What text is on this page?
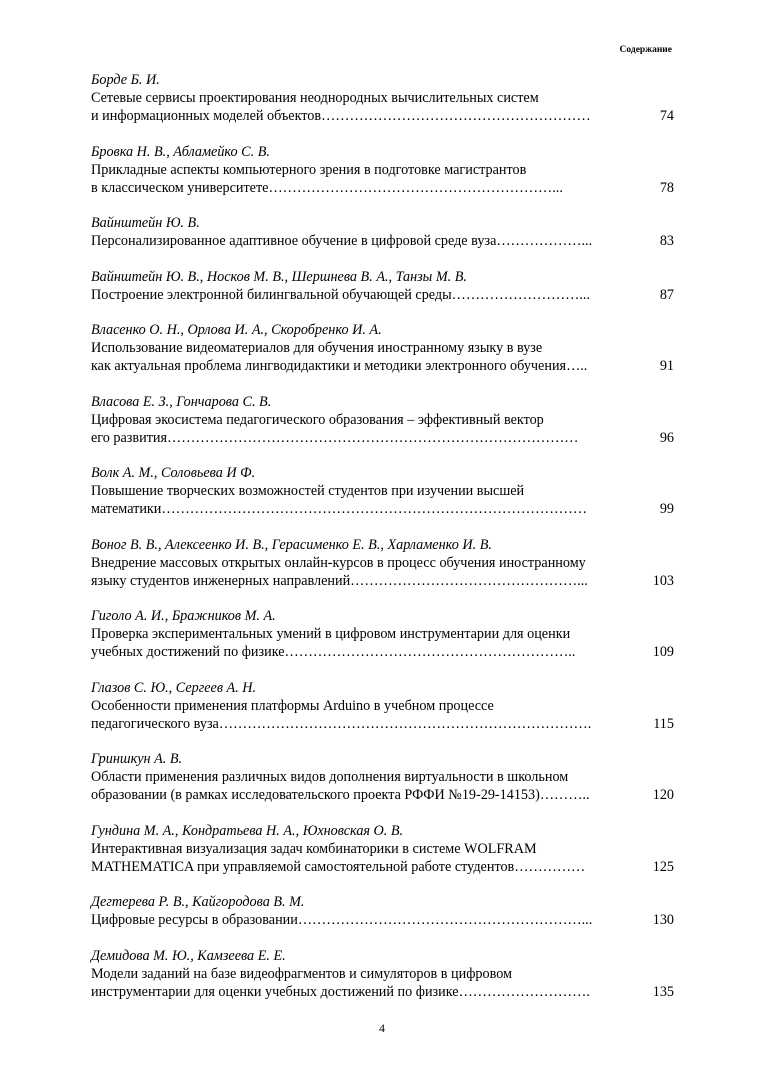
Содержание
Борде Б. И.
Сетевые сервисы проектирования неоднородных вычислительных систем
и информационных моделей объектов…………………………………………………	74
Бровка Н. В., Абламейко С. В.
Прикладные аспекты компьютерного зрения в подготовке магистрантов
в классическом университете……………………………………………………...	78
Вайнштейн Ю. В.
Персонализированное адаптивное обучение в цифровой среде вуза………………...	83
Вайнштейн Ю. В., Носков М. В., Шершнева В. А., Танзы М. В.
Построение электронной билингвальной обучающей среды………………………...	87
Власенко О. Н., Орлова И. А., Скоробренко И. А.
Использование видеоматериалов для обучения иностранному языку в вузе
как актуальная проблема лингводидактики и методики электронного обучения…..	91
Власова Е. З., Гончарова С. В.
Цифровая экосистема педагогического образования – эффективный вектор
его развития……………………………………………………………………………	96
Волк А. М., Соловьева И Ф.
Повышение творческих возможностей студентов при изучении высшей
математики………………………………………………………………………………	99
Воног В. В., Алексеенко И. В., Герасименко Е. В., Харламенко И. В.
Внедрение массовых открытых онлайн-курсов в процесс обучения иностранному
языку студентов инженерных направлений…………………………………………...	103
Гиголо А. И., Бражников М. А.
Проверка экспериментальных умений в цифровом инструментарии для оценки
учебных достижений по физике……………………………………………………..	109
Глазов С. Ю., Сергеев А. Н.
Особенности применения платформы Arduino в учебном процессе
педагогического вуза…………………………………………………………………….	115
Гриншкун А. В.
Области применения различных видов дополнения виртуальности в школьном
образовании (в рамках исследовательского проекта РФФИ №19-29-14153)………..	120
Гундина М. А., Кондратьева Н. А., Юхновская О. В.
Интерактивная визуализация задач комбинаторики в системе WOLFRAM
MATHEMATICA при управляемой самостоятельной работе студентов……………	125
Дегтерева Р. В., Кайгородова В. М.
Цифровые ресурсы в образовании……………………………………………………...	130
Демидова М. Ю., Камзеева Е. Е.
Модели заданий на базе видеофрагментов и симуляторов в цифровом
инструментарии для оценки учебных достижений по физике……………………….	135
4
